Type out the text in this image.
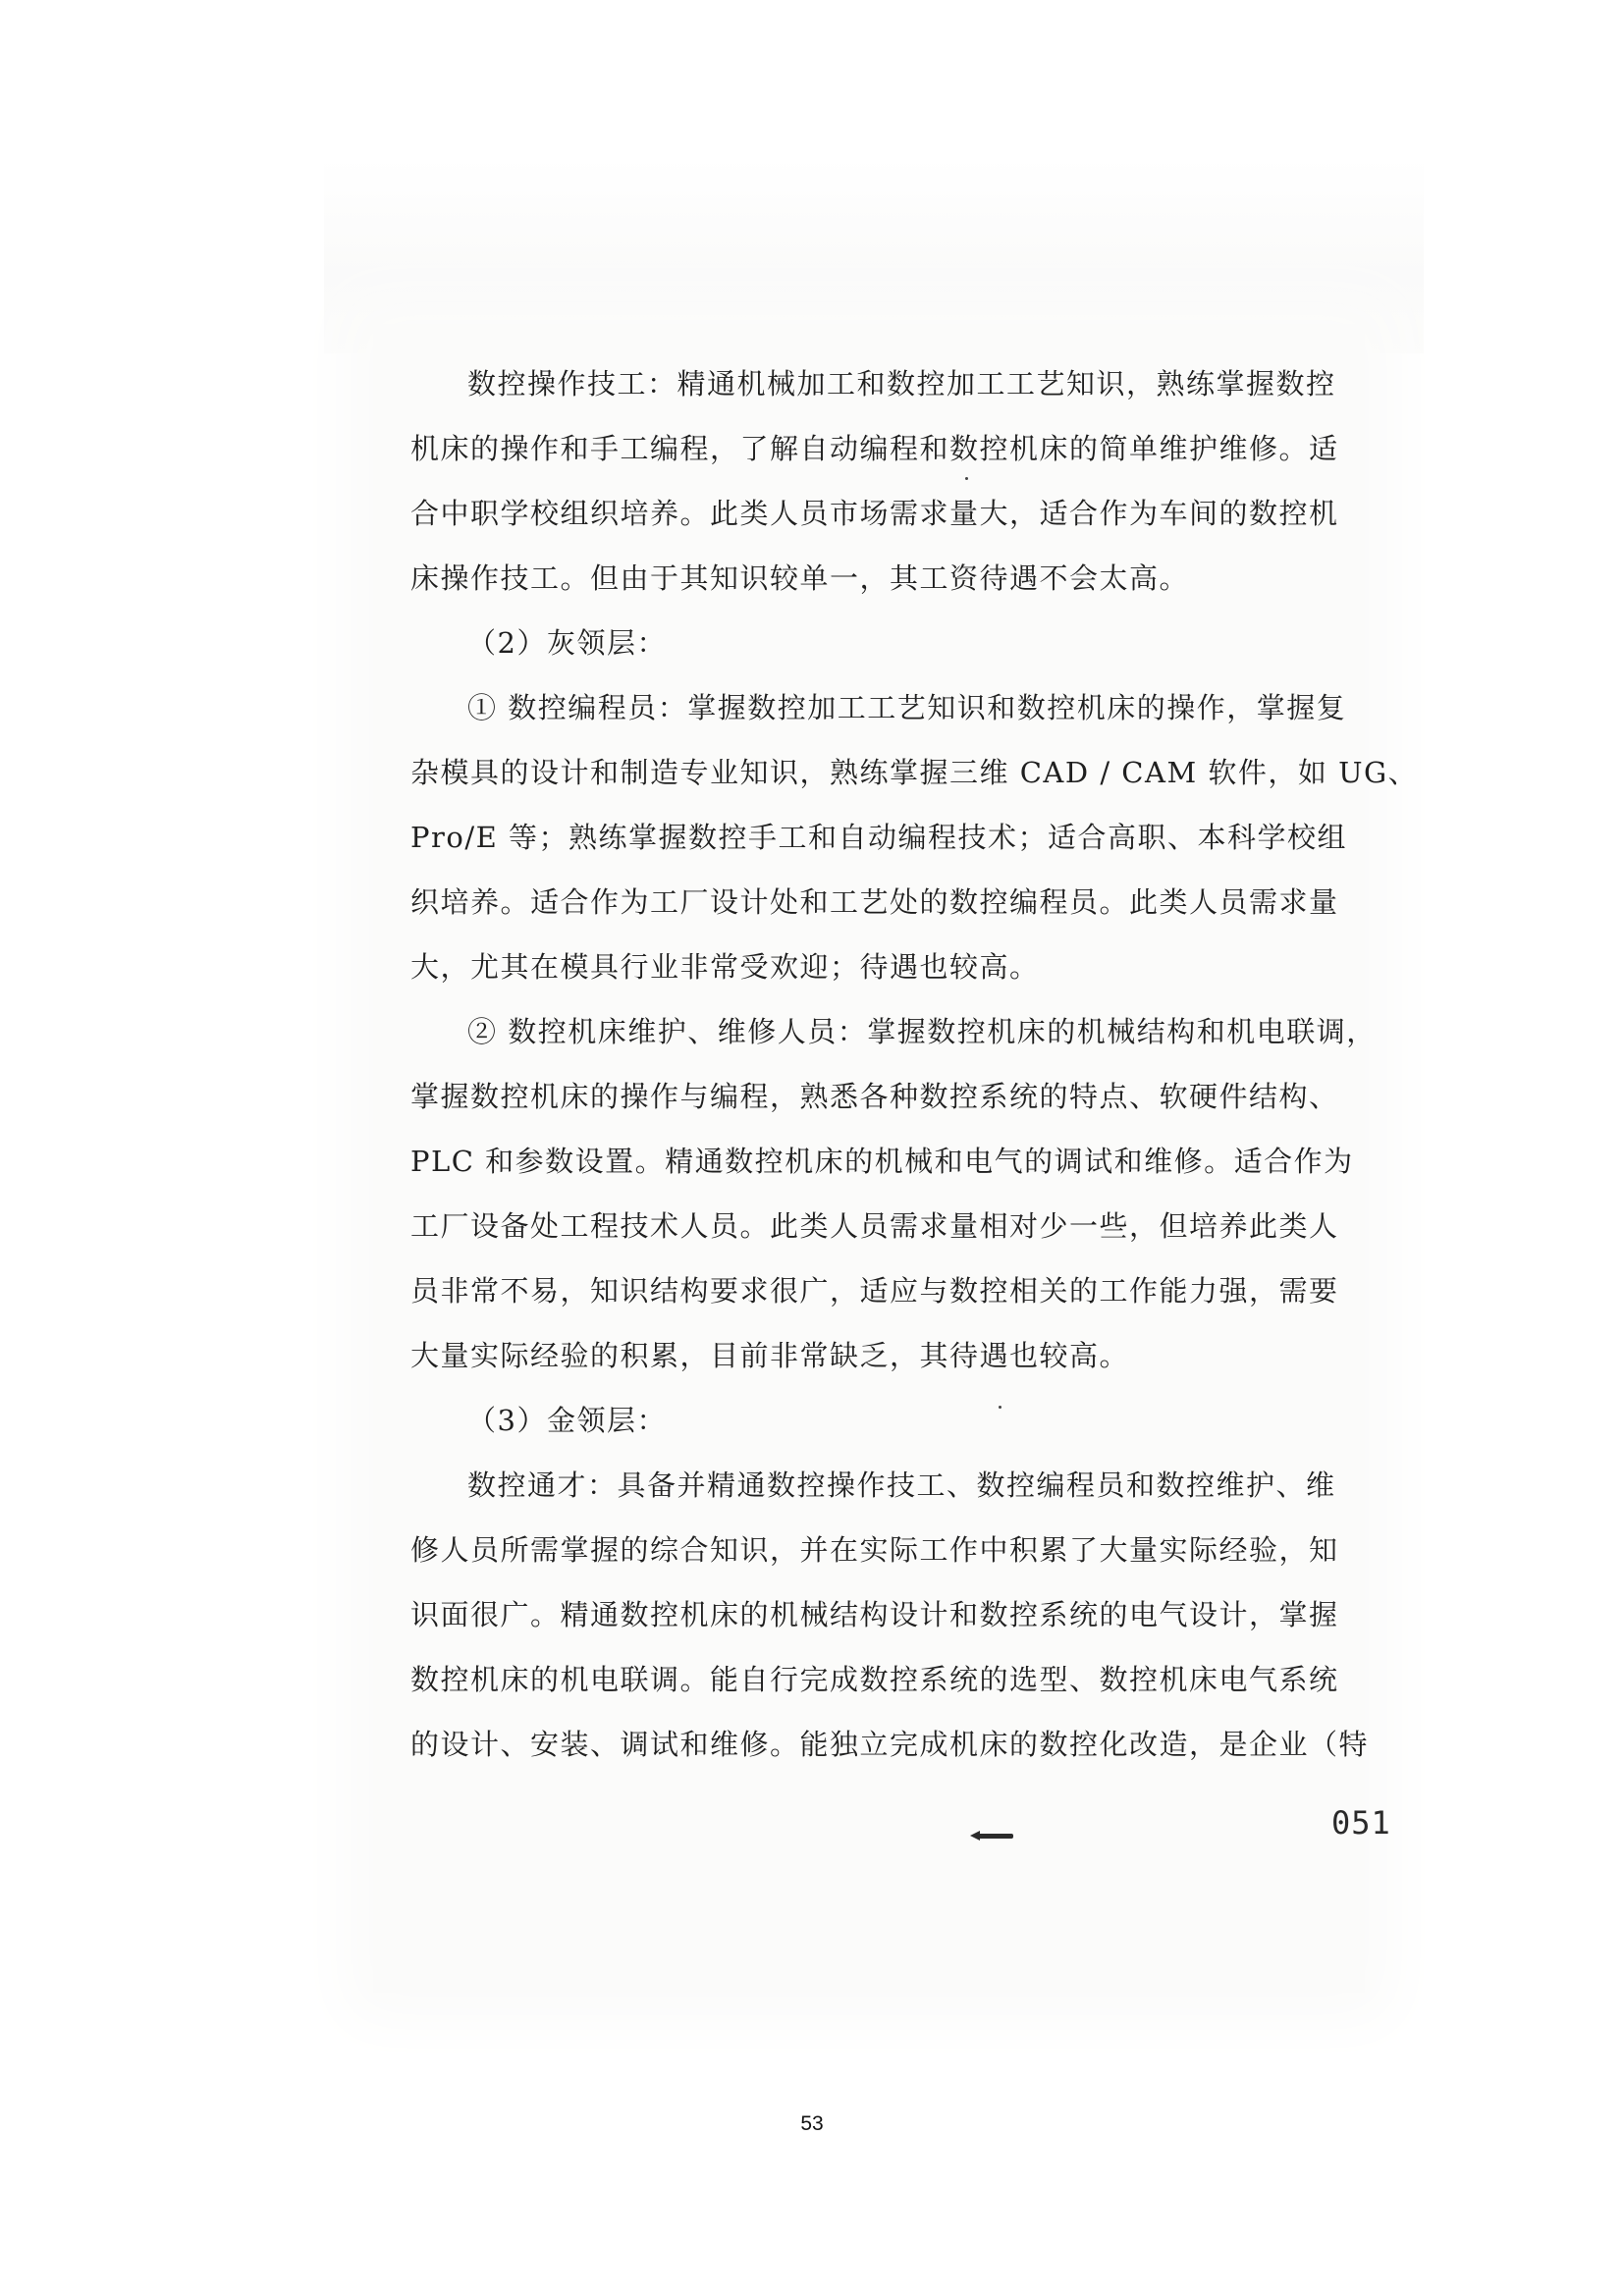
数控操作技工：精通机械加工和数控加工工艺知识，熟练掌握数控
机床的操作和手工编程，了解自动编程和数控机床的简单维护维修。适
合中职学校组织培养。此类人员市场需求量大，适合作为车间的数控机
床操作技工。但由于其知识较单一，其工资待遇不会太高。
（2）灰领层：
① 数控编程员：掌握数控加工工艺知识和数控机床的操作，掌握复
杂模具的设计和制造专业知识，熟练掌握三维 CAD / CAM 软件，如 UG、
Pro/E 等；熟练掌握数控手工和自动编程技术；适合高职、本科学校组
织培养。适合作为工厂设计处和工艺处的数控编程员。此类人员需求量
大，尤其在模具行业非常受欢迎；待遇也较高。
② 数控机床维护、维修人员：掌握数控机床的机械结构和机电联调，
掌握数控机床的操作与编程，熟悉各种数控系统的特点、软硬件结构、
PLC 和参数设置。精通数控机床的机械和电气的调试和维修。适合作为
工厂设备处工程技术人员。此类人员需求量相对少一些，但培养此类人
员非常不易，知识结构要求很广，适应与数控相关的工作能力强，需要
大量实际经验的积累，目前非常缺乏，其待遇也较高。
（3）金领层：
数控通才：具备并精通数控操作技工、数控编程员和数控维护、维
修人员所需掌握的综合知识，并在实际工作中积累了大量实际经验，知
识面很广。精通数控机床的机械结构设计和数控系统的电气设计，掌握
数控机床的机电联调。能自行完成数控系统的选型、数控机床电气系统
的设计、安装、调试和维修。能独立完成机床的数控化改造，是企业（特
051
53
